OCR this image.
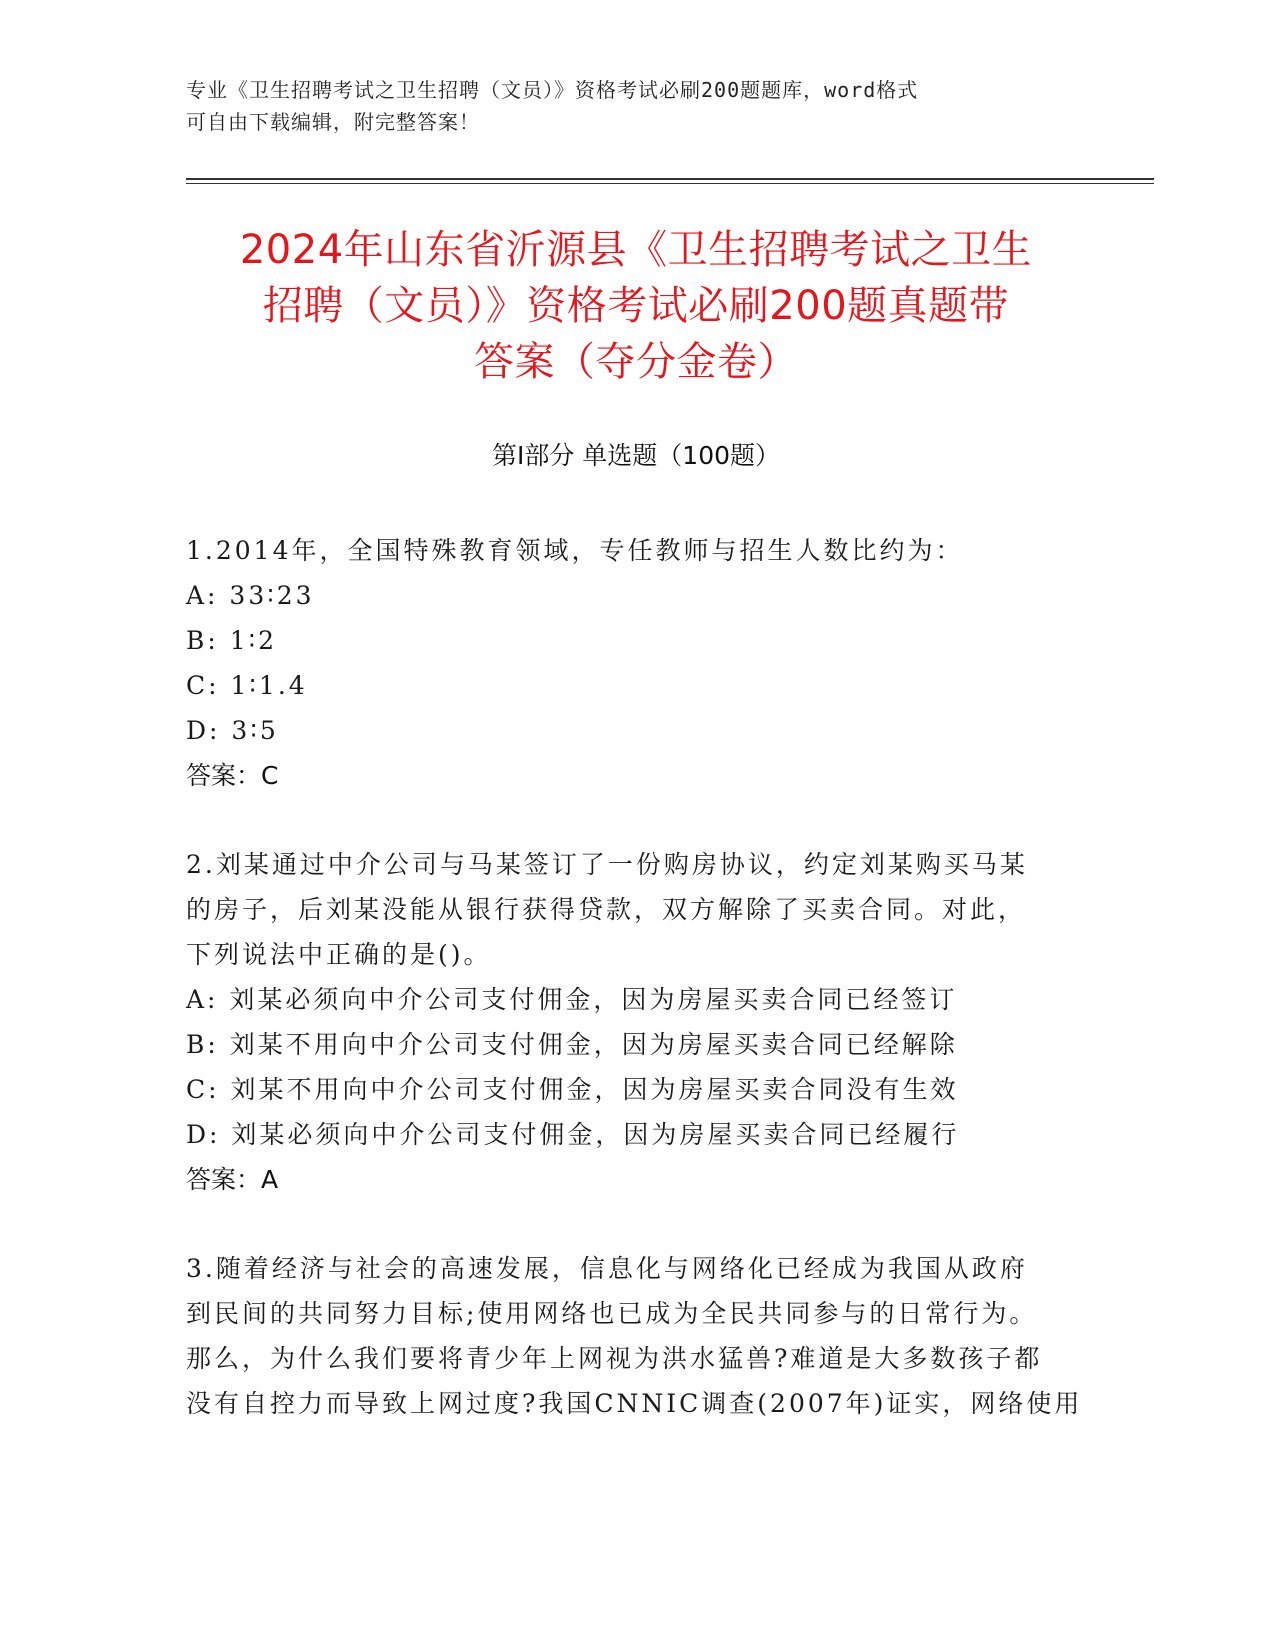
专业《卫生招聘考试之卫生招聘（文员）》资格考试必刷200题题库，word格式
可自由下载编辑，附完整答案！
2024年山东省沂源县《卫生招聘考试之卫生
招聘（文员）》资格考试必刷200题真题带
答案（夺分金卷）
第I部分 单选题（100题）

1.2014年，全国特殊教育领域，专任教师与招生人数比约为：

A: 33∶23

B: 1∶2

C: 1∶1.4

D: 3∶5

答案：C

2.刘某通过中介公司与马某签订了一份购房协议，约定刘某购买马某

的房子，后刘某没能从银行获得贷款，双方解除了买卖合同。对此，

下列说法中正确的是()。

A: 刘某必须向中介公司支付佣金，因为房屋买卖合同已经签订

B: 刘某不用向中介公司支付佣金，因为房屋买卖合同已经解除

C: 刘某不用向中介公司支付佣金，因为房屋买卖合同没有生效

D: 刘某必须向中介公司支付佣金，因为房屋买卖合同已经履行

答案：A

3.随着经济与社会的高速发展，信息化与网络化已经成为我国从政府

到民间的共同努力目标;使用网络也已成为全民共同参与的日常行为。

那么，为什么我们要将青少年上网视为洪水猛兽?难道是大多数孩子都

没有自控力而导致上网过度?我国CNNIC调查(2007年)证实，网络使用
